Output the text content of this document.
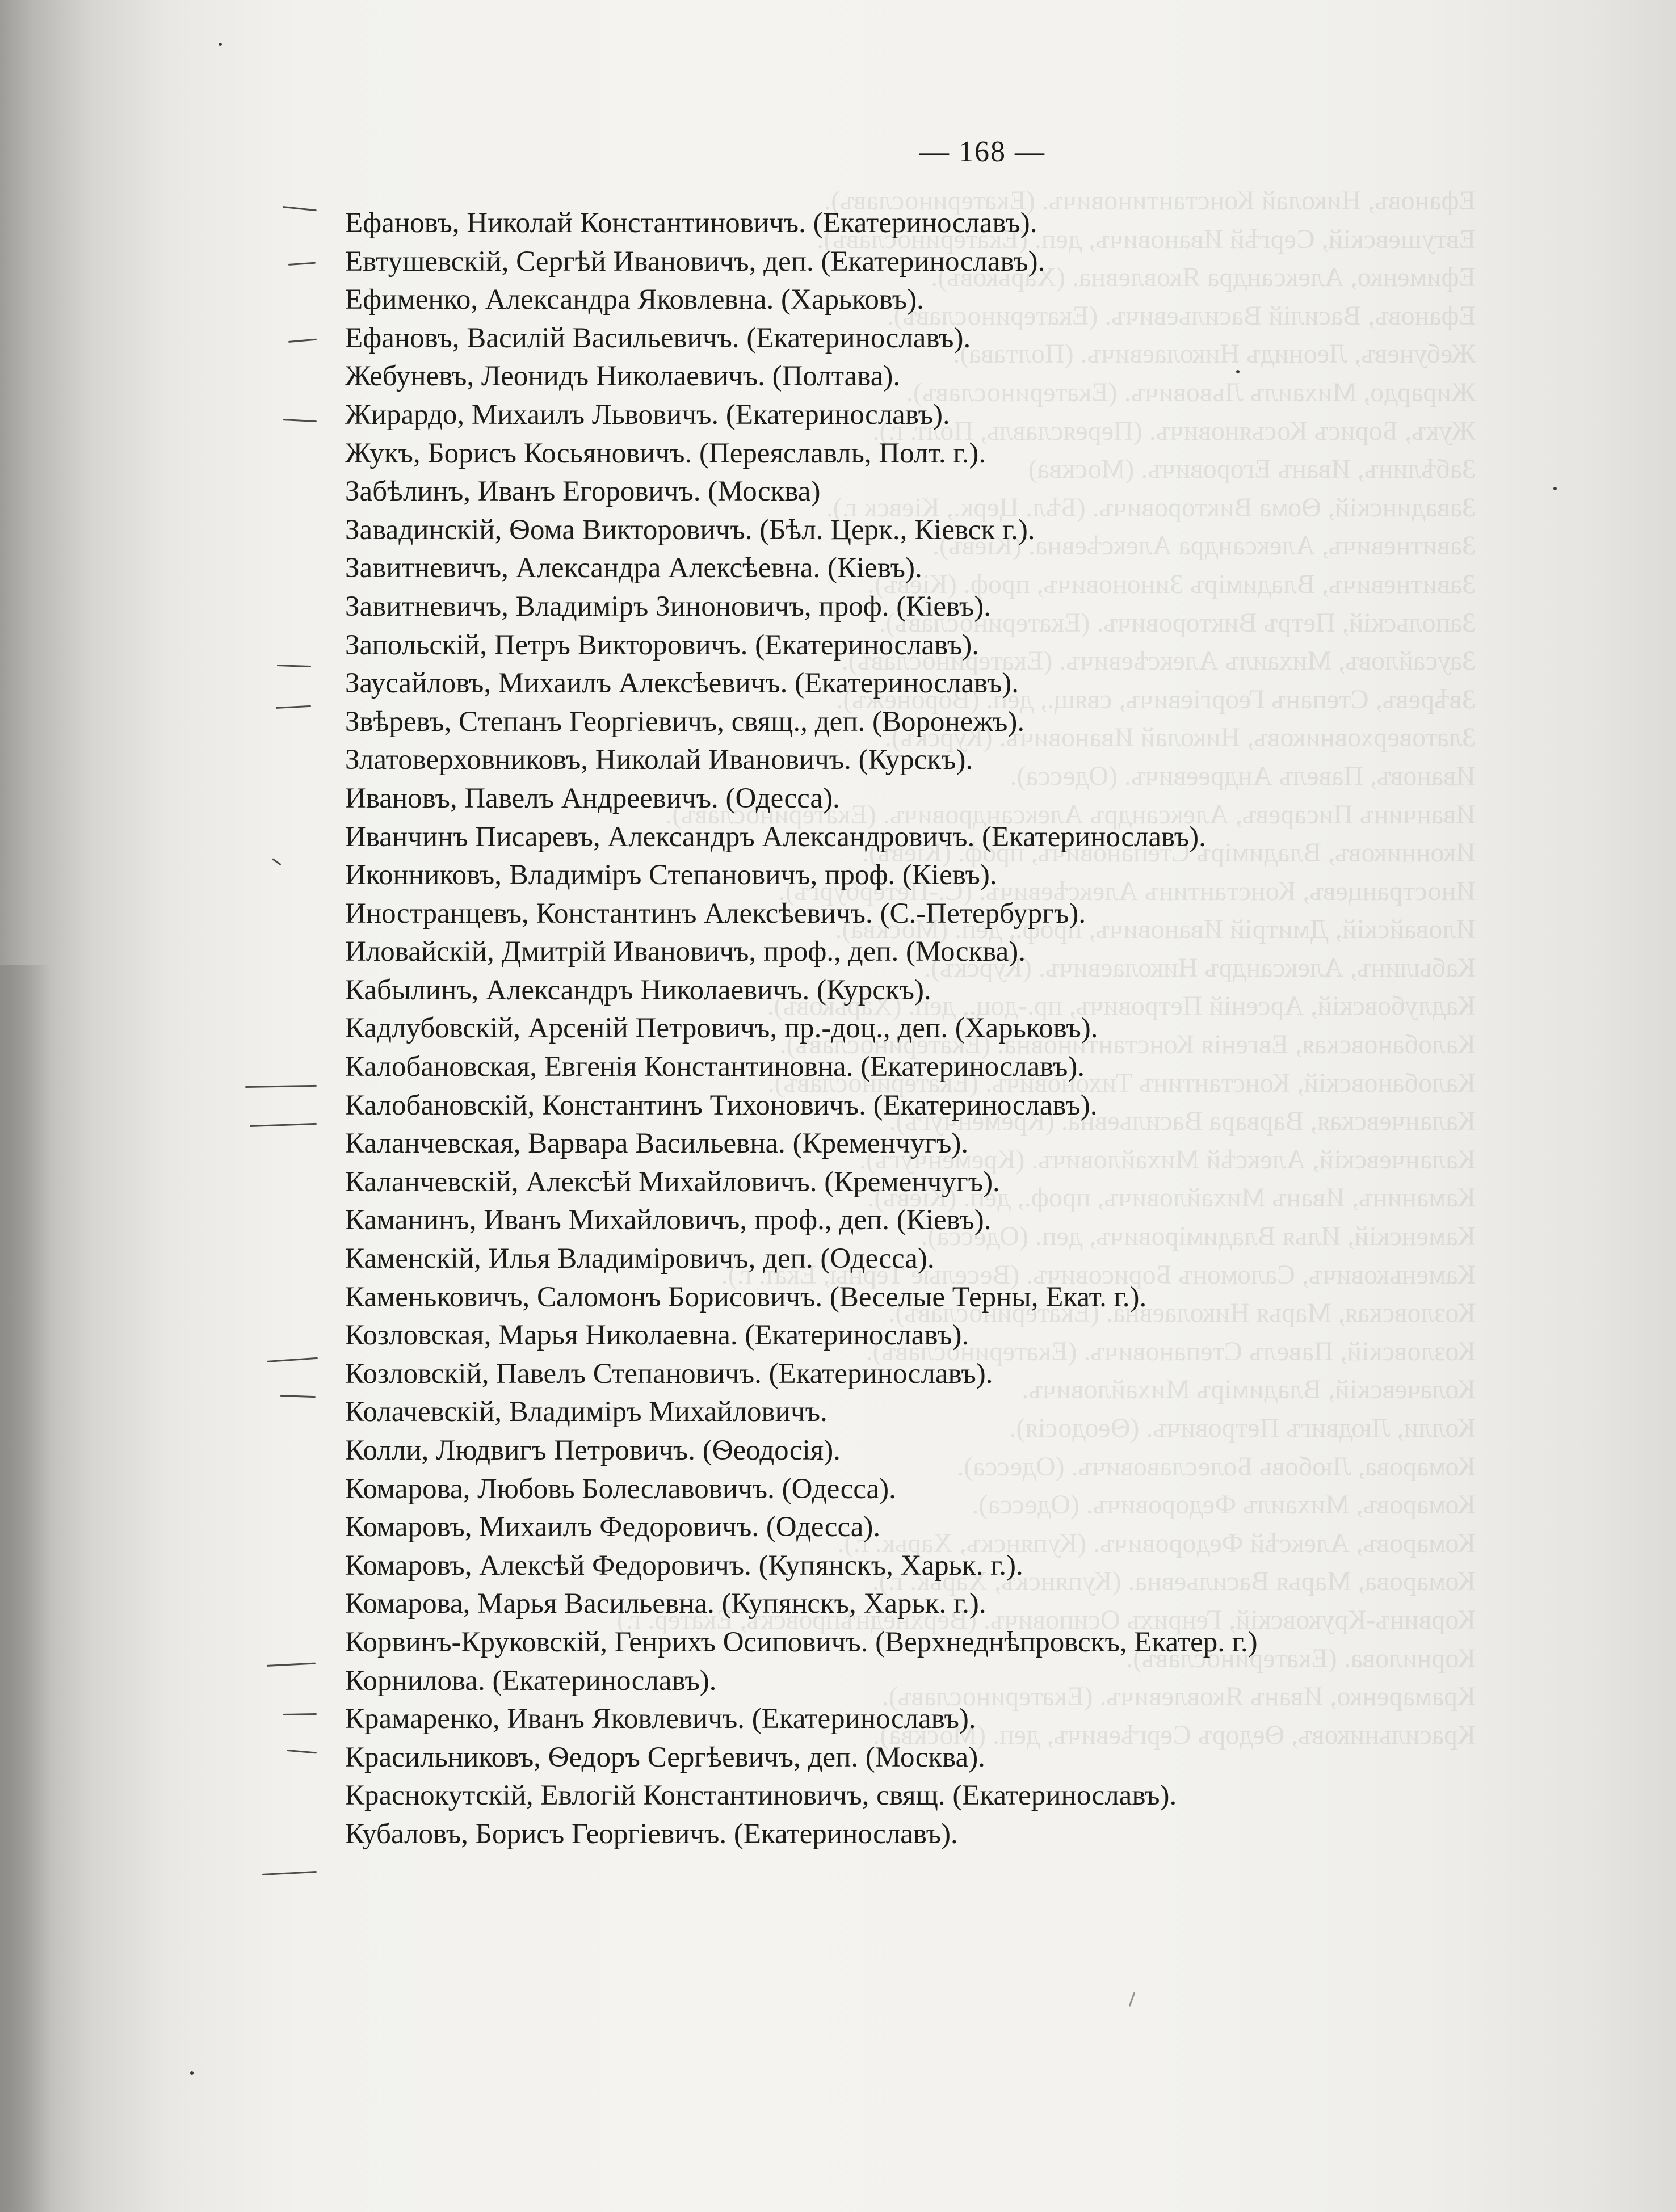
— 168 —
Ефановъ, Николай Константиновичъ. (Екатеринославъ).
Евтушевскій, Сергѣй Ивановичъ, деп. (Екатеринославъ).
Ефименко, Александра Яковлевна. (Харьковъ).
Ефановъ, Василій Васильевичъ. (Екатеринославъ).
Жебуневъ, Леонидъ Николаевичъ. (Полтава).
Жирардо, Михаилъ Львовичъ. (Екатеринославъ).
Жукъ, Борисъ Косьяновичъ. (Переяславль, Полт. г.).
Забѣлинъ, Иванъ Егоровичъ. (Москва)
Завадинскій, Ѳома Викторовичъ. (Бѣл. Церк., Кіевск г.).
Завитневичъ, Александра Алексѣевна. (Кіевъ).
Завитневичъ, Владиміръ Зиноновичъ, проф. (Кіевъ).
Запольскій, Петръ Викторовичъ. (Екатеринославъ).
Заусайловъ, Михаилъ Алексѣевичъ. (Екатеринославъ).
Звѣревъ, Степанъ Георгіевичъ, свящ., деп. (Воронежъ).
Златоверховниковъ, Николай Ивановичъ. (Курскъ).
Ивановъ, Павелъ Андреевичъ. (Одесса).
Иванчинъ Писаревъ, Александръ Александровичъ. (Екатеринославъ).
Иконниковъ, Владиміръ Степановичъ, проф. (Кіевъ).
Иностранцевъ, Константинъ Алексѣевичъ. (С.-Петербургъ).
Иловайскій, Дмитрій Ивановичъ, проф., деп. (Москва).
Кабылинъ, Александръ Николаевичъ. (Курскъ).
Кадлубовскій, Арсеній Петровичъ, пр.-доц., деп. (Харьковъ).
Калобановская, Евгенія Константиновна. (Екатеринославъ).
Калобановскій, Константинъ Тихоновичъ. (Екатеринославъ).
Каланчевская, Варвара Васильевна. (Кременчугъ).
Каланчевскій, Алексѣй Михайловичъ. (Кременчугъ).
Каманинъ, Иванъ Михайловичъ, проф., деп. (Кіевъ).
Каменскій, Илья Владиміровичъ, деп. (Одесса).
Каменьковичъ, Саломонъ Борисовичъ. (Веселые Терны, Екат. г.).
Козловская, Марья Николаевна. (Екатеринославъ).
Козловскій, Павелъ Степановичъ. (Екатеринославъ).
Колачевскій, Владиміръ Михайловичъ.
Колли, Людвигъ Петровичъ. (Ѳеодосія).
Комарова, Любовь Болеславовичъ. (Одесса).
Комаровъ, Михаилъ Федоровичъ. (Одесса).
Комаровъ, Алексѣй Федоровичъ. (Купянскъ, Харьк. г.).
Комарова, Марья Васильевна. (Купянскъ, Харьк. г.).
Корвинъ-Круковскій, Генрихъ Осиповичъ. (Верхнеднѣпровскъ, Екатер. г.)
Корнилова. (Екатеринославъ).
Крамаренко, Иванъ Яковлевичъ. (Екатеринославъ).
Красильниковъ, Ѳедоръ Сергѣевичъ, деп. (Москва).
Краснокутскій, Евлогій Константиновичъ, свящ. (Екатеринославъ).
Кубаловъ, Борисъ Георгіевичъ. (Екатеринославъ).
